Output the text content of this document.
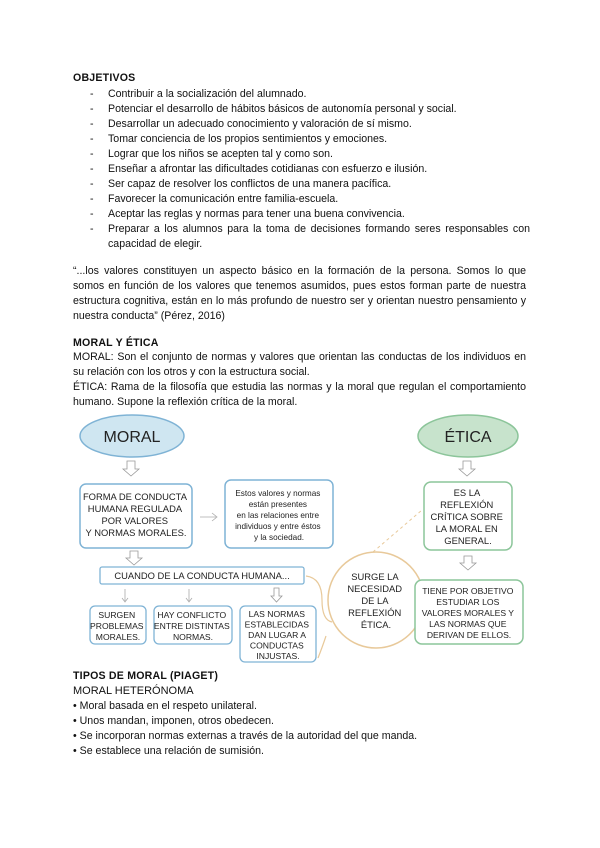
OBJETIVOS
- Contribuir a la socialización del alumnado.
- Potenciar el desarrollo de hábitos básicos de autonomía personal y social.
- Desarrollar un adecuado conocimiento y valoración de sí mismo.
- Tomar conciencia de los propios sentimientos y emociones.
- Lograr que los niños se acepten tal y como son.
- Enseñar a afrontar las dificultades cotidianas con esfuerzo e ilusión.
- Ser capaz de resolver los conflictos de una manera pacífica.
- Favorecer la comunicación entre familia-escuela.
- Aceptar las reglas y normas para tener una buena convivencia.
- Preparar a los alumnos para la toma de decisiones formando seres responsables con capacidad de elegir.
“...los valores constituyen un aspecto básico en la formación de la persona. Somos lo que somos en función de los valores que tenemos asumidos, pues estos forman parte de nuestra estructura cognitiva, están en lo más profundo de nuestro ser y orientan nuestro pensamiento y nuestra conducta” (Pérez, 2016)
MORAL Y ÉTICA
MORAL: Son el conjunto de normas y valores que orientan las conductas de los individuos en su relación con los otros y con la estructura social.
ÉTICA: Rama de la filosofía que estudia las normas y la moral que regulan el comportamiento humano. Supone la reflexión crítica de la moral.
MORAL	ÉTICA
FORMA DE CONDUCTA HUMANA REGULADA POR VALORES Y NORMAS MORALES.
Estos valores y normas están presentes en las relaciones entre individuos y entre éstos y la sociedad.
CUANDO DE LA CONDUCTA HUMANA...
SURGEN PROBLEMAS MORALES.
HAY CONFLICTO ENTRE DISTINTAS NORMAS.
LAS NORMAS ESTABLECIDAS DAN LUGAR A CONDUCTAS INJUSTAS.
SURGE LA NECESIDAD DE LA REFLEXIÓN ÉTICA.
ES LA REFLEXIÓN CRÍTICA SOBRE LA MORAL EN GENERAL.
TIENE POR OBJETIVO ESTUDIAR LOS VALORES MORALES Y LAS NORMAS QUE DERIVAN DE ELLOS.
TIPOS DE MORAL (PIAGET)
MORAL HETERÓNOMA
• Moral basada en el respeto unilateral.
• Unos mandan, imponen, otros obedecen.
• Se incorporan normas externas a través de la autoridad del que manda.
• Se establece una relación de sumisión.
